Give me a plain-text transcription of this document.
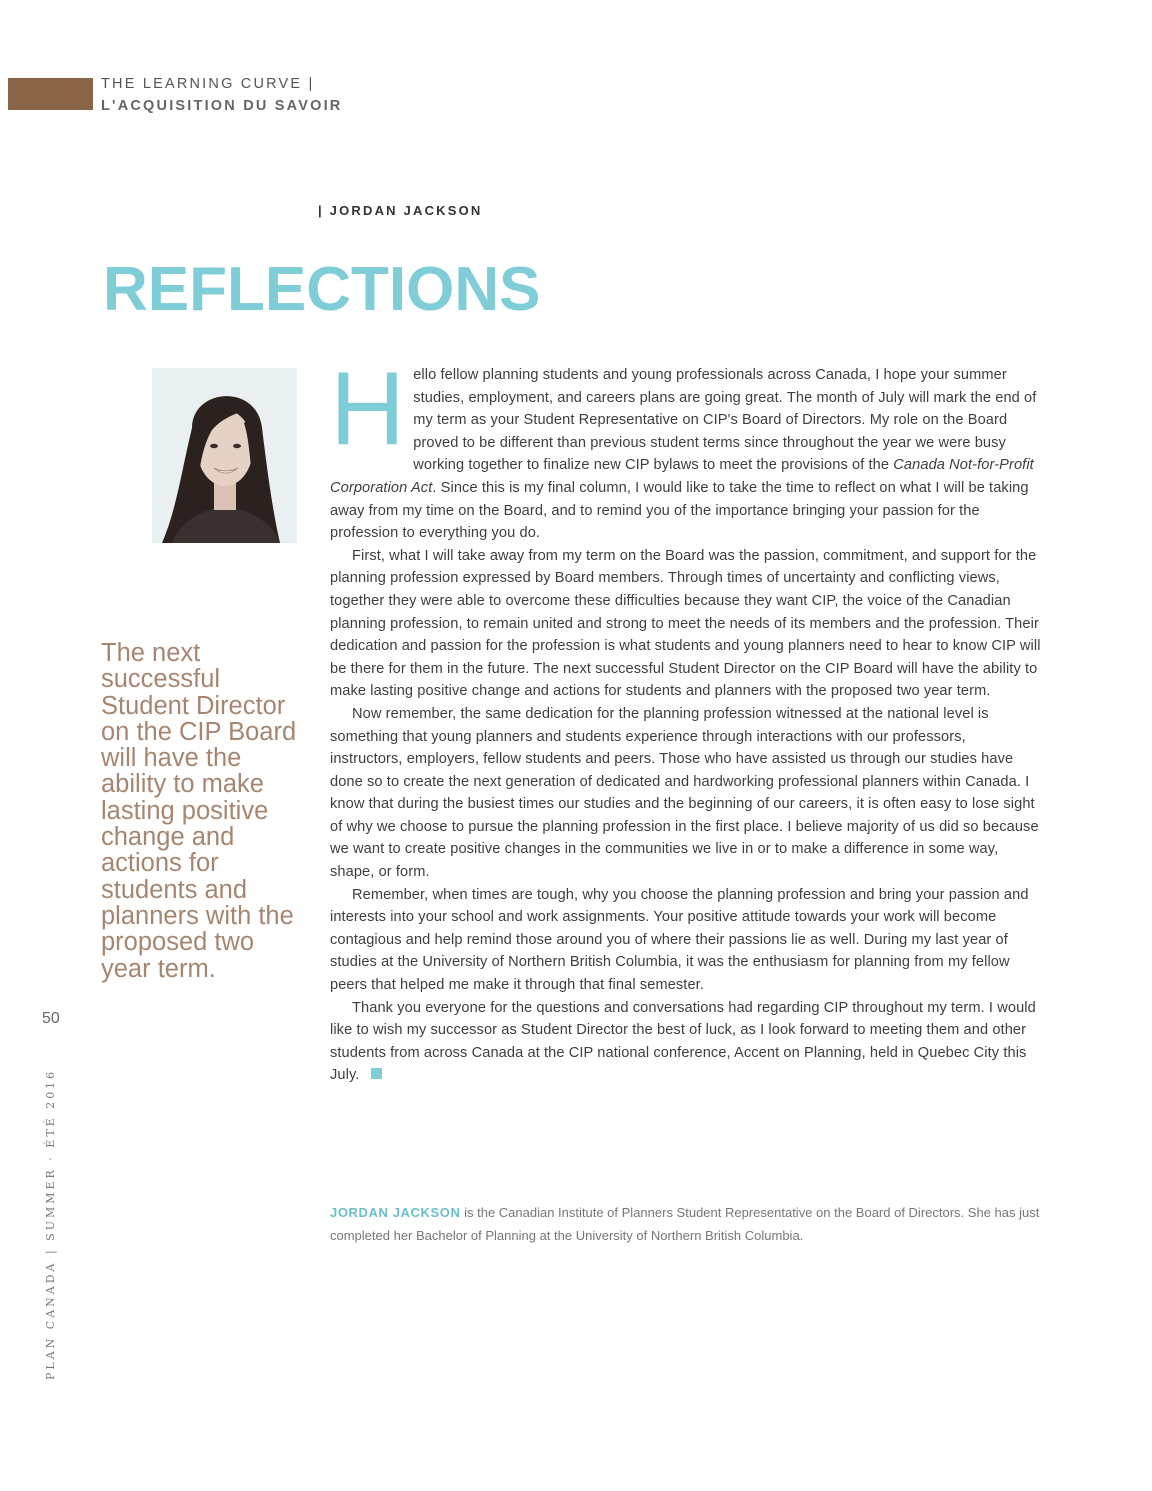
THE LEARNING CURVE |
L'ACQUISITION DU SAVOIR
| JORDAN JACKSON
REFLECTIONS
The next successful Student Director on the CIP Board will have the ability to make lasting positive change and actions for students and planners with the proposed two year term.
50
PLAN CANADA | SUMMER · ÉTÉ 2016

Hello fellow planning students and young professionals across Canada, I hope your summer studies, employment, and careers plans are going great. The month of July will mark the end of my term as your Student Representative on CIP's Board of Directors. My role on the Board proved to be different than previous student terms since throughout the year we were busy working together to finalize new CIP bylaws to meet the provisions of the Canada Not-for-Profit Corporation Act. Since this is my final column, I would like to take the time to reflect on what I will be taking away from my time on the Board, and to remind you of the importance bringing your passion for the profession to everything you do.

First, what I will take away from my term on the Board was the passion, commitment, and support for the planning profession expressed by Board members. Through times of uncertainty and conflicting views, together they were able to overcome these difficulties because they want CIP, the voice of the Canadian planning profession, to remain united and strong to meet the needs of its members and the profession. Their dedication and passion for the profession is what students and young planners need to hear to know CIP will be there for them in the future. The next successful Student Director on the CIP Board will have the ability to make lasting positive change and actions for students and planners with the proposed two year term.

Now remember, the same dedication for the planning profession witnessed at the national level is something that young planners and students experience through interactions with our professors, instructors, employers, fellow students and peers. Those who have assisted us through our studies have done so to create the next generation of dedicated and hardworking professional planners within Canada. I know that during the busiest times our studies and the beginning of our careers, it is often easy to lose sight of why we choose to pursue the planning profession in the first place. I believe majority of us did so because we want to create positive changes in the communities we live in or to make a difference in some way, shape, or form.

Remember, when times are tough, why you choose the planning profession and bring your passion and interests into your school and work assignments. Your positive attitude towards your work will become contagious and help remind those around you of where their passions lie as well. During my last year of studies at the University of Northern British Columbia, it was the enthusiasm for planning from my fellow peers that helped me make it through that final semester.

Thank you everyone for the questions and conversations had regarding CIP throughout my term. I would like to wish my successor as Student Director the best of luck, as I look forward to meeting them and other students from across Canada at the CIP national conference, Accent on Planning, held in Quebec City this July.

JORDAN JACKSON is the Canadian Institute of Planners Student Representative on the Board of Directors. She has just completed her Bachelor of Planning at the University of Northern British Columbia.
